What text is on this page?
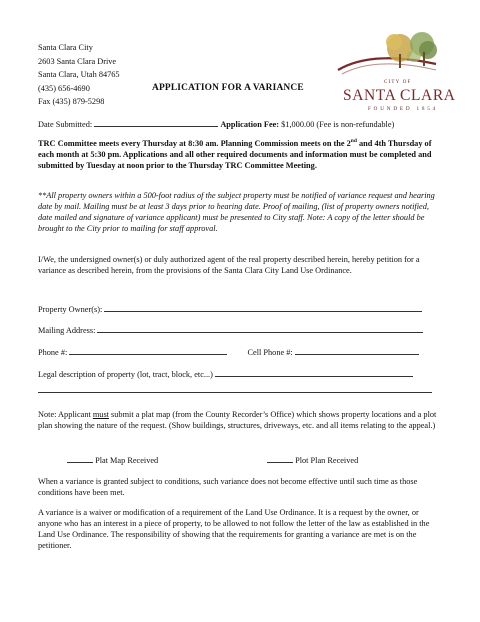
Santa Clara City
2603 Santa Clara Drive
Santa Clara, Utah 84765
(435) 656-4690
Fax (435) 879-5298
APPLICATION FOR A VARIANCE
CITY OF
SANTA CLARA
FOUNDED 1854
Date Submitted:	Application Fee: $1,000.00 (Fee is non-refundable)
TRC Committee meets every Thursday at 8:30 am. Planning Commission meets on the 2nd and 4th Thursday of each month at 5:30 pm. Applications and all other required documents and information must be completed and submitted by Tuesday at noon prior to the Thursday TRC Committee Meeting.
**All property owners within a 500-foot radius of the subject property must be notified of variance request and hearing date by mail. Mailing must be at least 3 days prior to hearing date. Proof of mailing, (list of property owners notified, date mailed and signature of variance applicant) must be presented to City staff. Note: A copy of the letter should be brought to the City prior to mailing for staff approval.
I/We, the undersigned owner(s) or duly authorized agent of the real property described herein, hereby petition for a variance as described herein, from the provisions of the Santa Clara City Land Use Ordinance.
Property Owner(s):
Mailing Address:
Phone #:	Cell Phone #:
Legal description of property (lot, tract, block, etc...)
Note: Applicant must submit a plat map (from the County Recorder’s Office) which shows property locations and a plot plan showing the nature of the request. (Show buildings, structures, driveways, etc. and all items relating to the appeal.)
Plat Map Received	Plot Plan Received
When a variance is granted subject to conditions, such variance does not become effective until such time as those conditions have been met.
A variance is a waiver or modification of a requirement of the Land Use Ordinance. It is a request by the owner, or anyone who has an interest in a piece of property, to be allowed to not follow the letter of the law as established in the Land Use Ordinance. The responsibility of showing that the requirements for granting a variance are met is on the petitioner.
